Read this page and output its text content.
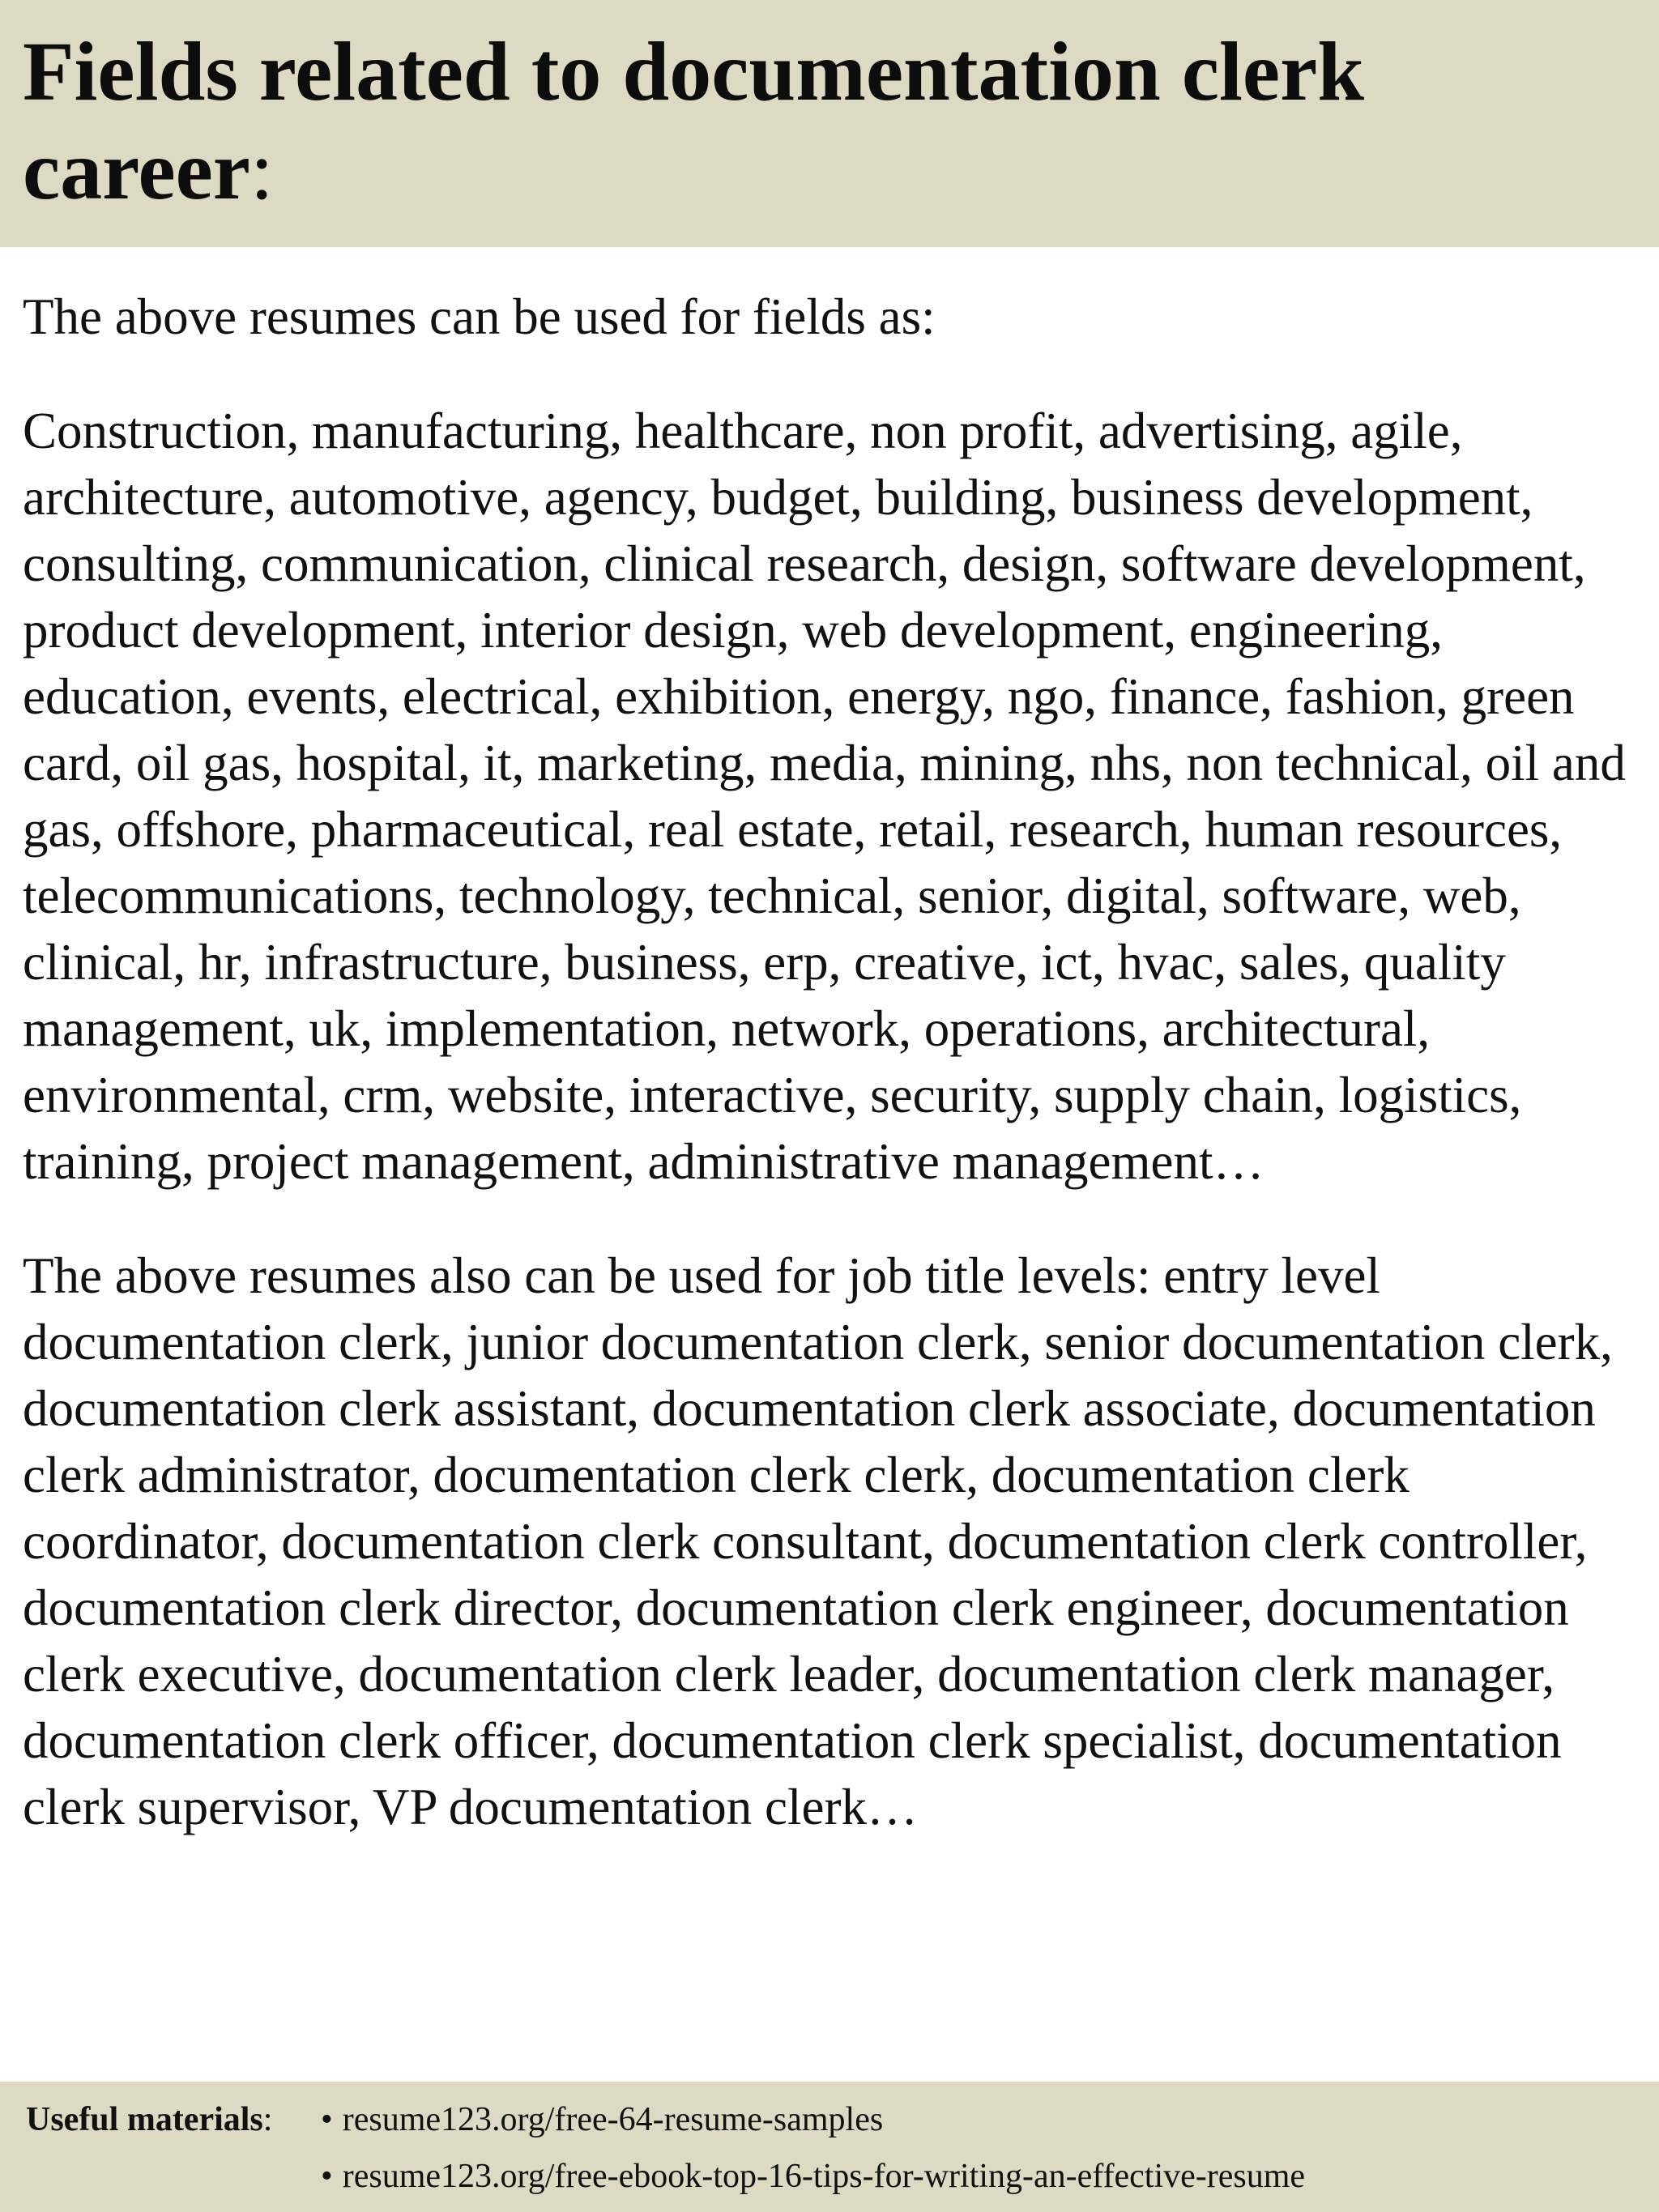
Fields related to documentation clerk career:

The above resumes can be used for fields as:

Construction, manufacturing, healthcare, non profit, advertising, agile, architecture, automotive, agency, budget, building, business development, consulting, communication, clinical research, design, software development, product development, interior design, web development, engineering, education, events, electrical, exhibition, energy, ngo, finance, fashion, green card, oil gas, hospital, it, marketing, media, mining, nhs, non technical, oil and gas, offshore, pharmaceutical, real estate, retail, research, human resources, telecommunications, technology, technical, senior, digital, software, web, clinical, hr, infrastructure, business, erp, creative, ict, hvac, sales, quality management, uk, implementation, network, operations, architectural, environmental, crm, website, interactive, security, supply chain, logistics, training, project management, administrative management…

The above resumes also can be used for job title levels: entry level documentation clerk, junior documentation clerk, senior documentation clerk, documentation clerk assistant, documentation clerk associate, documentation clerk administrator, documentation clerk clerk, documentation clerk coordinator, documentation clerk consultant, documentation clerk controller, documentation clerk director, documentation clerk engineer, documentation clerk executive, documentation clerk leader, documentation clerk manager, documentation clerk officer, documentation clerk specialist, documentation clerk supervisor, VP documentation clerk…

Useful materials: • resume123.org/free-64-resume-samples
• resume123.org/free-ebook-top-16-tips-for-writing-an-effective-resume
